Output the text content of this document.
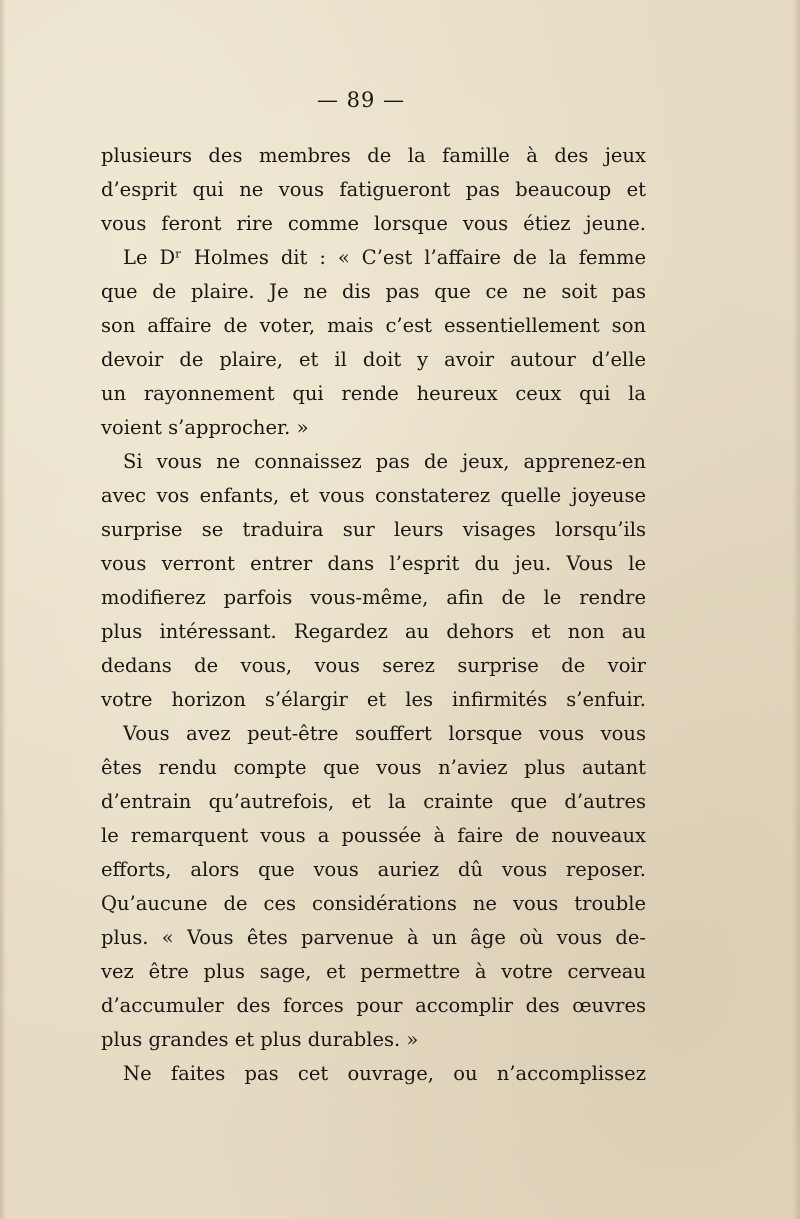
— 89 —
plusieurs des membres de la famille à des jeux
d’esprit qui ne vous fatigueront pas beaucoup et
vous feront rire comme lorsque vous étiez jeune.
Le Dʳ Holmes dit : « C’est l’affaire de la femme
que de plaire. Je ne dis pas que ce ne soit pas
son affaire de voter, mais c’est essentiellement son
devoir de plaire, et il doit y avoir autour d’elle
un rayonnement qui rende heureux ceux qui la
voient s’approcher. »
Si vous ne connaissez pas de jeux, apprenez-en
avec vos enfants, et vous constaterez quelle joyeuse
surprise se traduira sur leurs visages lorsqu’ils
vous verront entrer dans l’esprit du jeu. Vous le
modifierez parfois vous-même, afin de le rendre
plus intéressant. Regardez au dehors et non au
dedans de vous, vous serez surprise de voir
votre horizon s’élargir et les infirmités s’enfuir.
Vous avez peut-être souffert lorsque vous vous
êtes rendu compte que vous n’aviez plus autant
d’entrain qu’autrefois, et la crainte que d’autres
le remarquent vous a poussée à faire de nouveaux
efforts, alors que vous auriez dû vous reposer.
Qu’aucune de ces considérations ne vous trouble
plus. « Vous êtes parvenue à un âge où vous de-
vez être plus sage, et permettre à votre cerveau
d’accumuler des forces pour accomplir des œuvres
plus grandes et plus durables. »
Ne faites pas cet ouvrage, ou n’accomplissez
